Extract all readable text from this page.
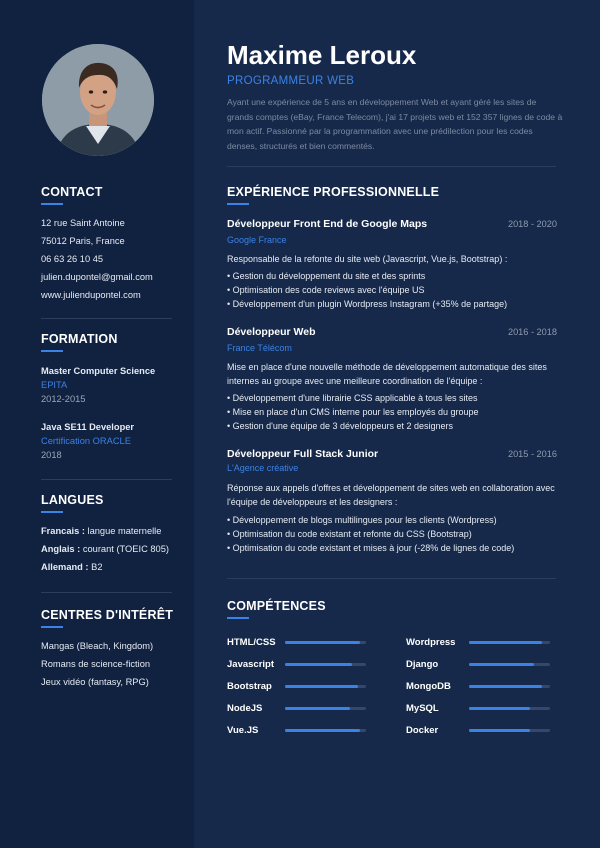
CONTACT
12 rue Saint Antoine
75012 Paris, France
06 63 26 10 45
julien.dupontel@gmail.com
www.juliendupontel.com
FORMATION
Master Computer Science
EPITA
2012-2015
Java SE11 Developer
Certification ORACLE
2018
LANGUES
Francais : langue maternelle
Anglais : courant (TOEIC 805)
Allemand : B2
CENTRES D'INTÉRÊT
Mangas (Bleach, Kingdom)
Romans de science-fiction
Jeux vidéo (fantasy, RPG)
Maxime Leroux
PROGRAMMEUR WEB
Ayant une expérience de 5 ans en développement Web et ayant géré les sites de grands comptes (eBay, France Telecom), j'ai 17 projets web et 152 357 lignes de code à mon actif. Passionné par la programmation avec une prédilection pour les codes denses, structurés et bien commentés.
EXPÉRIENCE PROFESSIONNELLE
Développeur Front End de Google Maps	2018 - 2020
Google France
Responsable de la refonte du site web (Javascript, Vue.js, Bootstrap) :
• Gestion du développement du site et des sprints
• Optimisation des code reviews avec l'équipe US
• Développement d'un plugin Wordpress Instagram (+35% de partage)
Développeur Web	2016 - 2018
France Télécom
Mise en place d'une nouvelle méthode de développement automatique des sites internes au groupe avec une meilleure coordination de l'équipe :
• Développement d'une librairie CSS applicable à tous les sites
• Mise en place d'un CMS interne pour les employés du groupe
• Gestion d'une équipe de 3 développeurs et 2 designers
Développeur Full Stack Junior	2015 - 2016
L'Agence créative
Réponse aux appels d'offres et développement de sites web en collaboration avec l'équipe de développeurs et les designers :
• Développement de blogs multilingues pour les clients (Wordpress)
• Optimisation du code existant et refonte du CSS (Bootstrap)
• Optimisation du code existant et mises à jour (-28% de lignes de code)
COMPÉTENCES
HTML/CSS
Javascript
Bootstrap
NodeJS
Vue.JS
Wordpress
Django
MongoDB
MySQL
Docker
